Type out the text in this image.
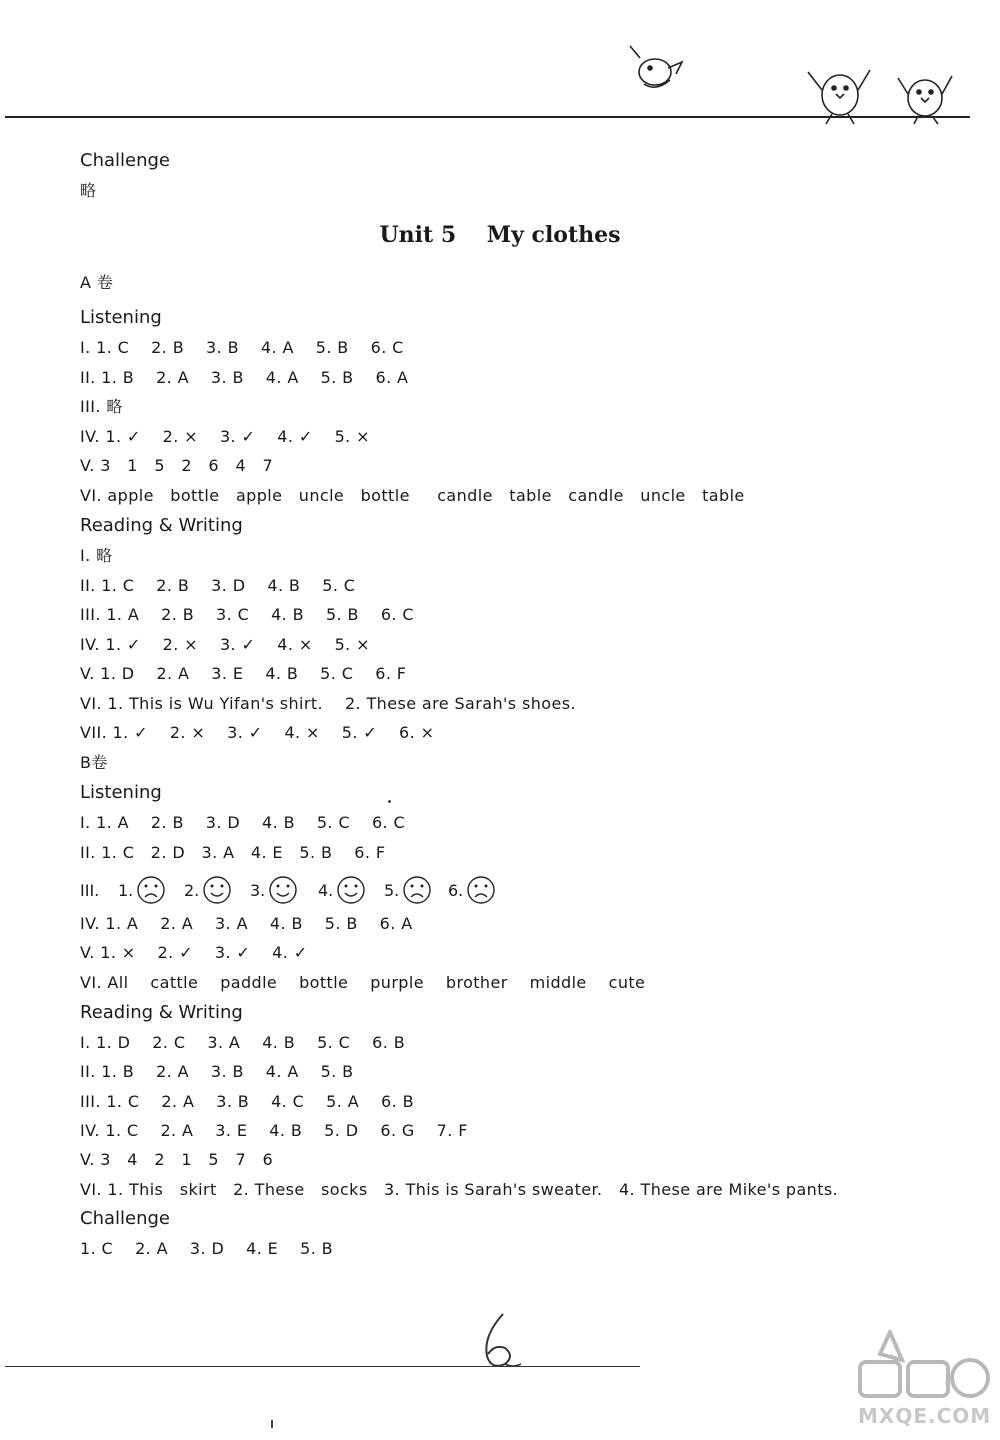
Challenge
略
Unit 5    My clothes
A 卷
Listening
I. 1. C    2. B    3. B    4. A    5. B    6. C
II. 1. B    2. A    3. B    4. A    5. B    6. A
III. 略
IV. 1. ✓    2. ×    3. ✓    4. ✓    5. ×
V. 3   1   5   2   6   4   7
VI. apple   bottle   apple   uncle   bottle     candle   table   candle   uncle   table
Reading & Writing
I. 略
II. 1. C    2. B    3. D    4. B    5. C
III. 1. A    2. B    3. C    4. B    5. B    6. C
IV. 1. ✓    2. ×    3. ✓    4. ×    5. ×
V. 1. D    2. A    3. E    4. B    5. C    6. F
VI. 1. This is Wu Yifan's shirt.    2. These are Sarah's shoes.
VII. 1. ✓    2. ×    3. ✓    4. ×    5. ✓    6. ×
B卷
Listening
I. 1. A    2. B    3. D    4. B    5. C    6. C
II. 1. C   2. D   3. A   4. E   5. B    6. F
III. 1.	2.	3.	4.	5.	6.
IV. 1. A    2. A    3. A    4. B    5. B    6. A
V. 1. ×    2. ✓    3. ✓    4. ✓
VI. All    cattle    paddle    bottle    purple    brother    middle    cute
Reading & Writing
I. 1. D    2. C    3. A    4. B    5. C    6. B
II. 1. B    2. A    3. B    4. A    5. B
III. 1. C    2. A    3. B    4. C    5. A    6. B
IV. 1. C    2. A    3. E    4. B    5. D    6. G    7. F
V. 3   4   2   1   5   7   6
VI. 1. This   skirt   2. These   socks   3. This is Sarah's sweater.   4. These are Mike's pants.
Challenge
1. C    2. A    3. D    4. E    5. B
MXQE.COM
